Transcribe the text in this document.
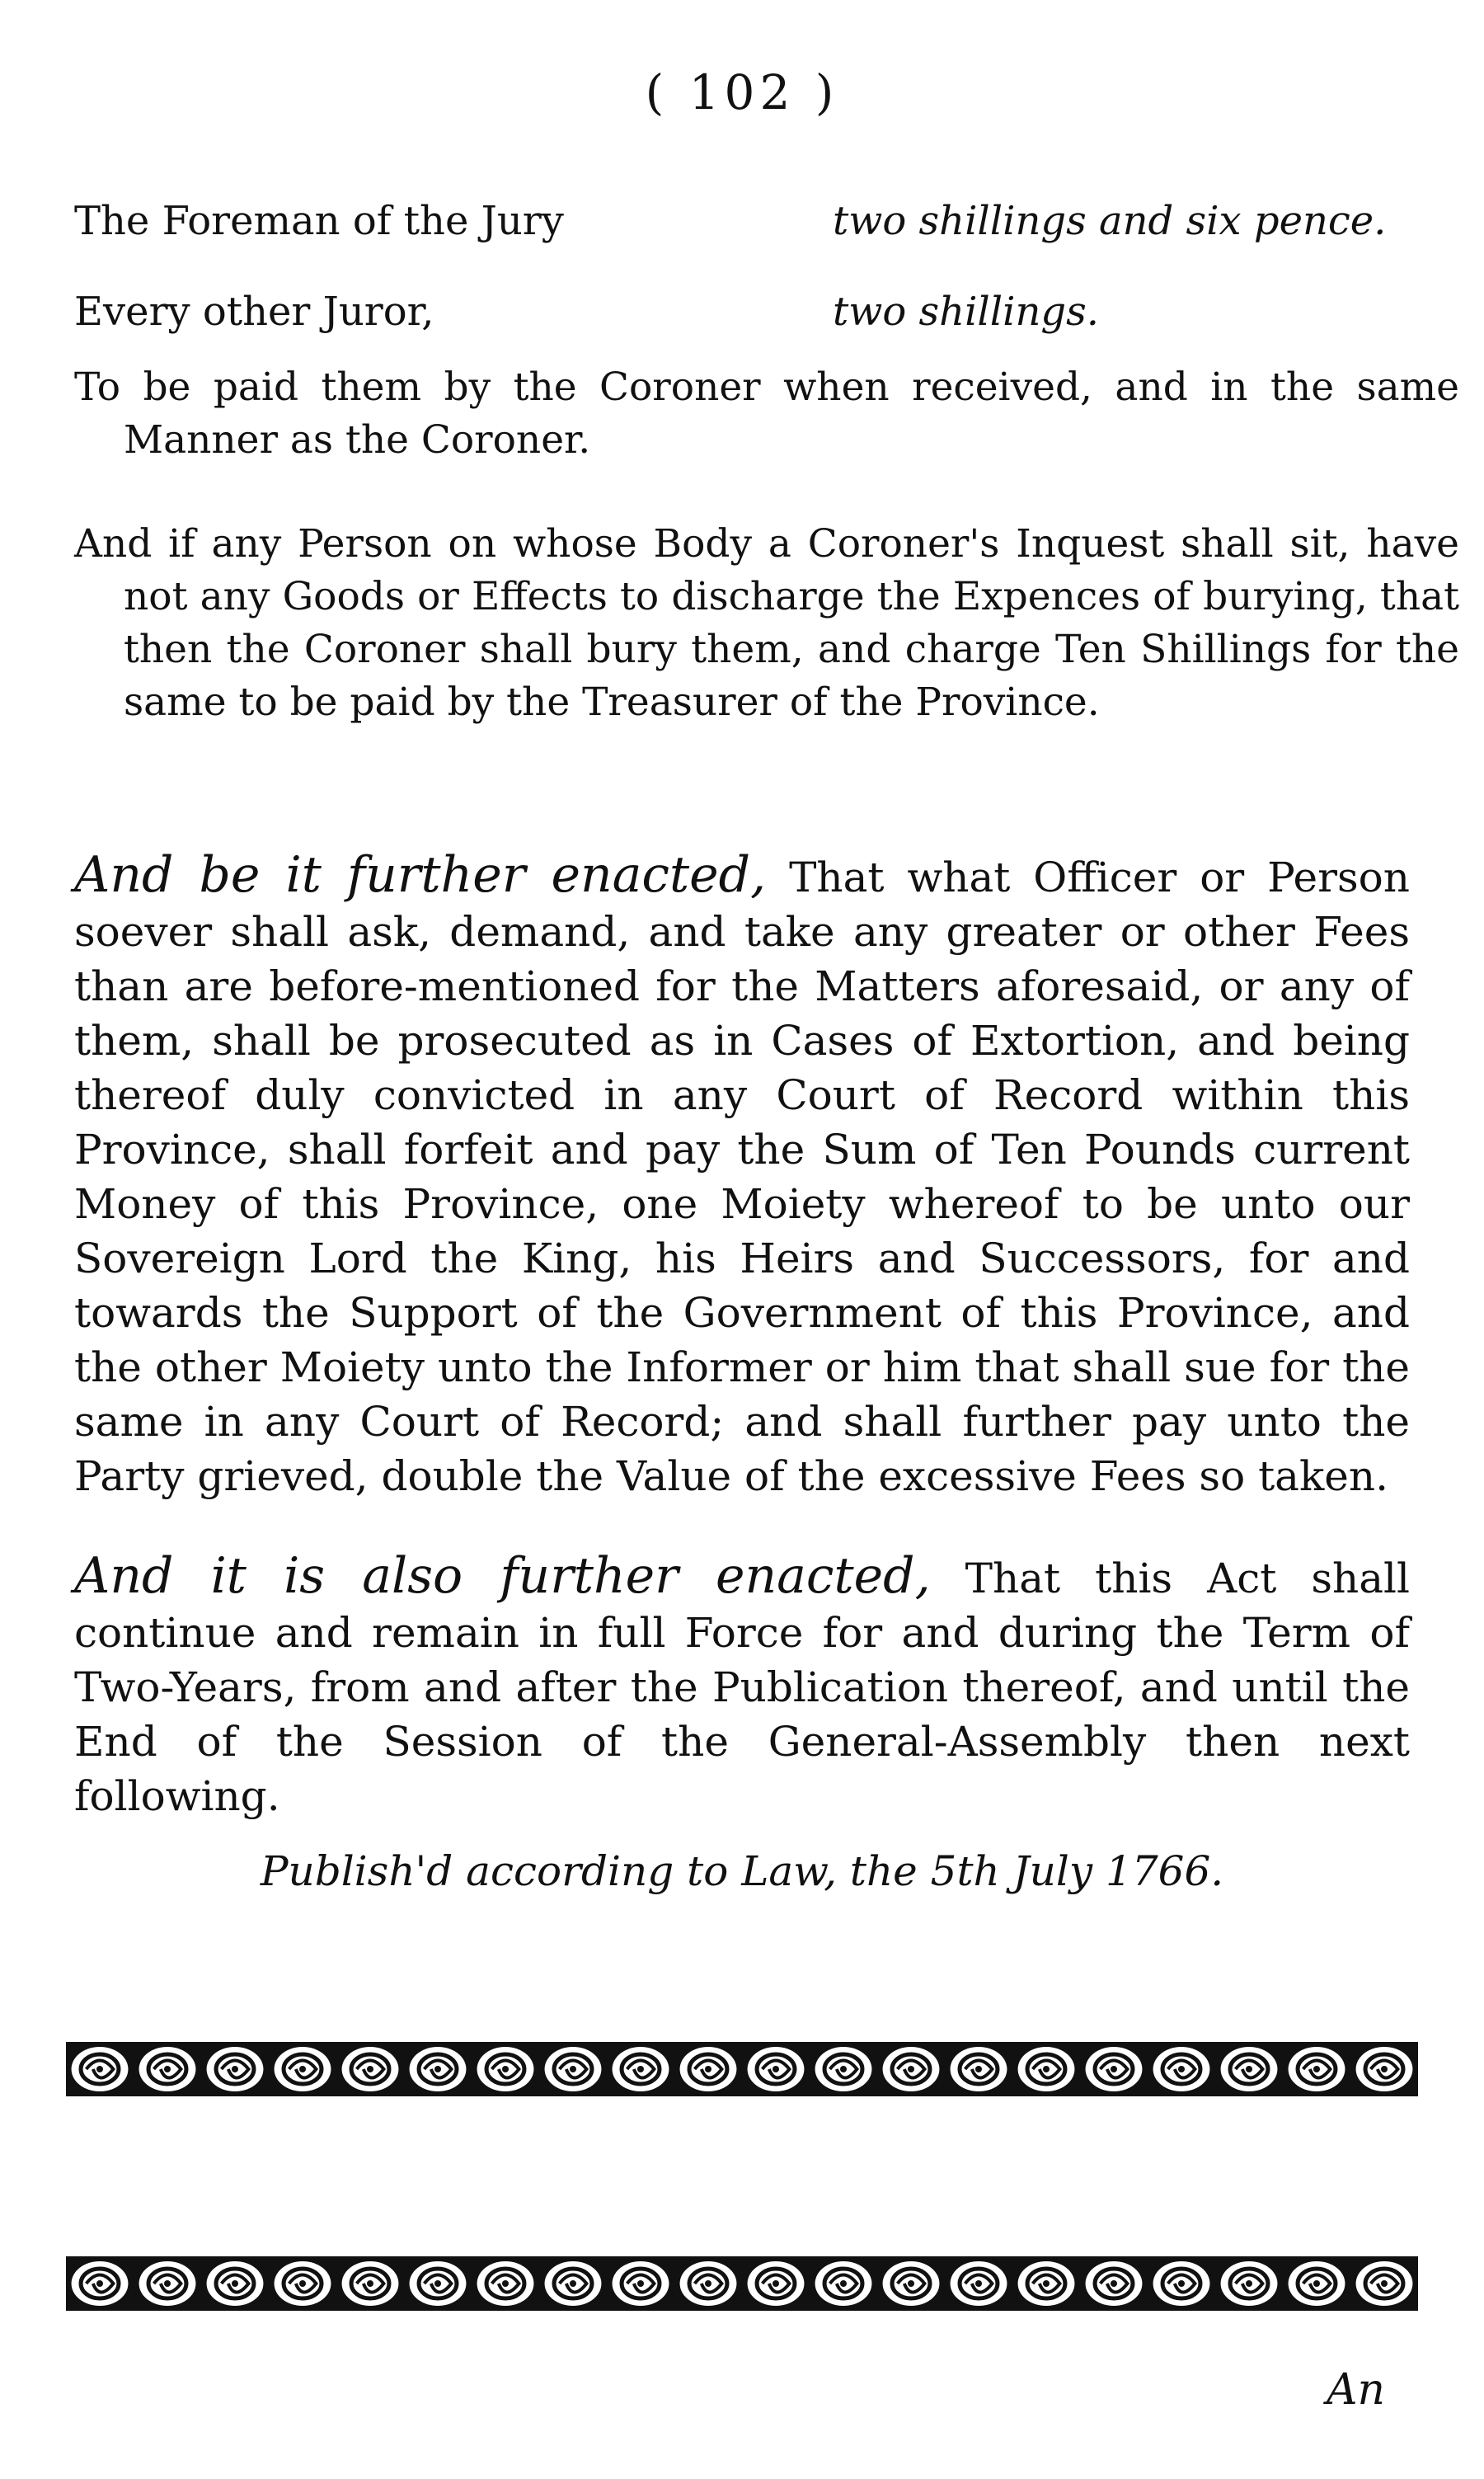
( 102 )
The Foreman of the Jury	two shillings and six pence.
Every other Juror,	two shillings.

To be paid them by the Coroner when received, and in the same Manner as the Coroner.

And if any Person on whose Body a Coroner's Inquest shall sit, have not any Goods or Effects to discharge the Expences of burying, that then the Coroner shall bury them, and charge Ten Shillings for the same to be paid by the Treasurer of the Province.

And be it further enacted, That what Officer or Person soever shall ask, demand, and take any greater or other Fees than are before-mentioned for the Matters aforesaid, or any of them, shall be prosecuted as in Cases of Extortion, and being thereof duly convicted in any Court of Record within this Province, shall forfeit and pay the Sum of Ten Pounds current Money of this Province, one Moiety whereof to be unto our Sovereign Lord the King, his Heirs and Successors, for and towards the Support of the Government of this Province, and the other Moiety unto the Informer or him that shall sue for the same in any Court of Record; and shall further pay unto the Party grieved, double the Value of the excessive Fees so taken.

And it is also further enacted, That this Act shall continue and remain in full Force for and during the Term of Two-Years, from and after the Publication thereof, and until the End of the Session of the General-Assembly then next following.

Publish'd according to Law, the 5th July 1766.
An
